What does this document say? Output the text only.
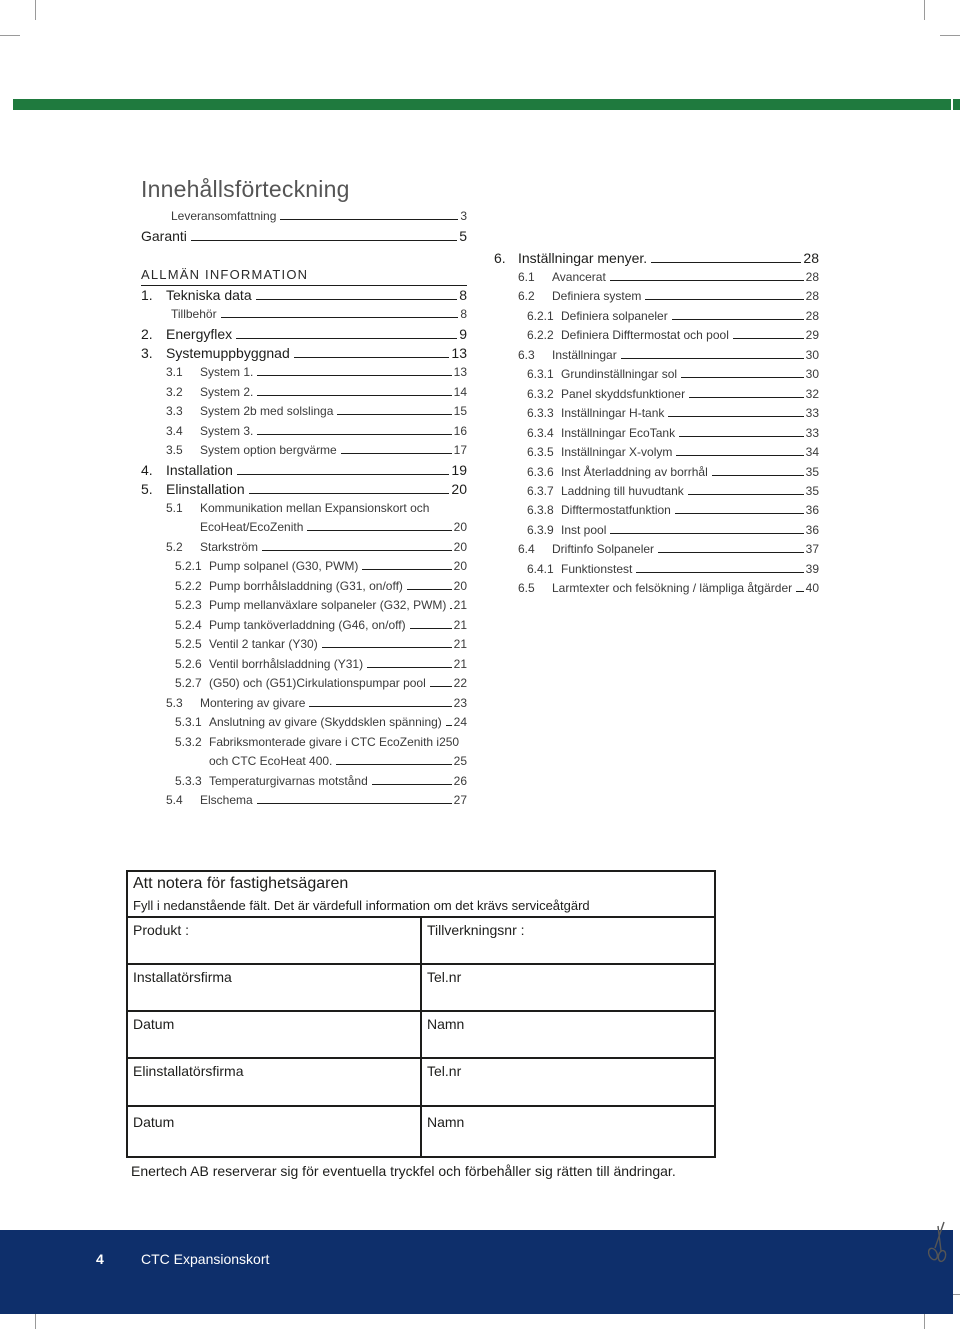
Innehållsförteckning
Leveransomfattning	3
Garanti	5
ALLMÄN INFORMATION
1. Tekniska data	8
Tillbehör	8
2. Energyflex	9
3. Systemuppbyggnad	13
3.1	System 1.	13
3.2	System 2.	14
3.3	System 2b med solslinga	15
3.4	System 3.	16
3.5	System option bergvärme	17
4. Installation	19
5. Elinstallation	20
5.1	Kommunikation mellan Expansionskort och
EcoHeat/EcoZenith	20
5.2	Starkström	20
5.2.1 Pump solpanel (G30, PWM)	20
5.2.2 Pump borrhålsladdning (G31, on/off)	20
5.2.3 Pump mellanväxlare solpaneler (G32, PWM) 21
5.2.4 Pump tanköverladdning (G46, on/off)	21
5.2.5 Ventil 2 tankar (Y30)	21
5.2.6 Ventil borrhålsladdning (Y31)	21
5.2.7 (G50) och (G51)Cirkulationspumpar pool 22
5.3	Montering av givare	23
5.3.1 Anslutning av givare (Skyddsklen spänning) 24
5.3.2 Fabriksmonterade givare i CTC EcoZenith i250
och CTC EcoHeat 400.	25
5.3.3 Temperaturgivarnas motstånd	26
5.4	Elschema	27
6. Inställningar menyer.	28
6.1	Avancerat	28
6.2	Definiera system	28
6.2.1 Definiera solpaneler	28
6.2.2 Definiera Difftermostat och pool	29
6.3	Inställningar	30
6.3.1 Grundinställningar sol	30
6.3.2 Panel skyddsfunktioner	32
6.3.3 Inställningar H-tank	33
6.3.4 Inställningar EcoTank	33
6.3.5 Inställningar X-volym	34
6.3.6 Inst Återladdning av borrhål	35
6.3.7 Laddning till huvudtank	35
6.3.8 Difftermostatfunktion	36
6.3.9 Inst pool	36
6.4	Driftinfo Solpaneler	37
6.4.1 Funktionstest	39
6.5	Larmtexter och felsökning / lämpliga åtgärder 40
Att notera för fastighetsägaren
Fyll i nedanstående fält. Det är värdefull information om det krävs serviceåtgärd
Produkt :	Tillverkningsnr :
Installatörsfirma	Tel.nr
Datum	Namn
Elinstallatörsfirma	Tel.nr
Datum	Namn
Enertech AB reserverar sig för eventuella tryckfel och förbehåller sig rätten till ändringar.
4	CTC Expansionskort
